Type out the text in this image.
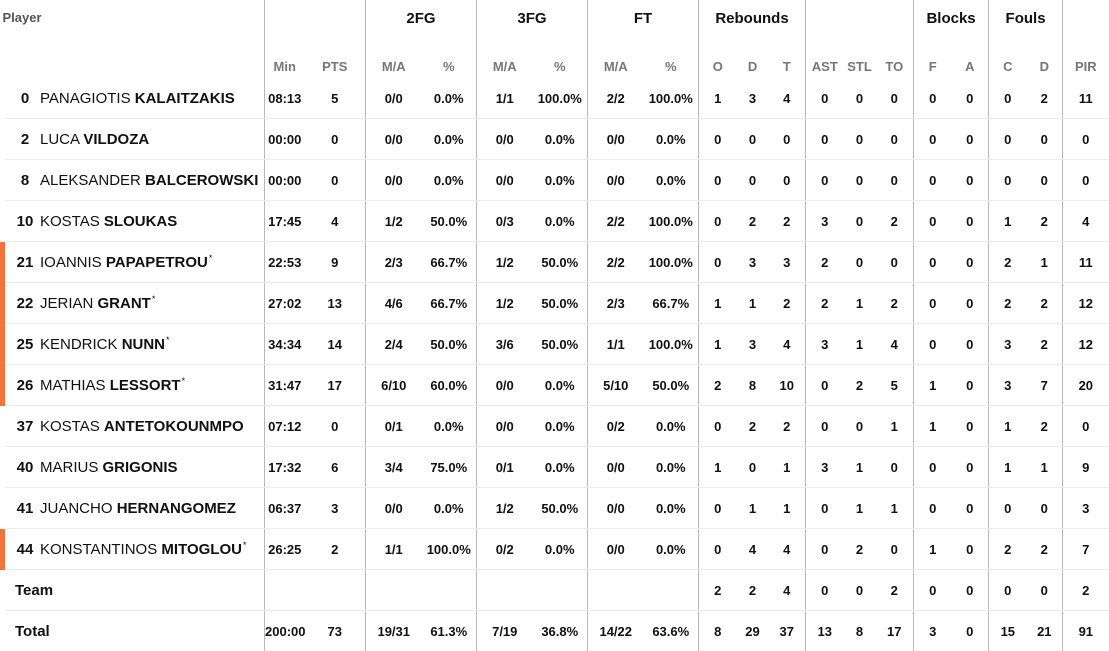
Player			2FG		3FG		FT		Rebounds						Blocks		Fouls		
	Min	PTS	M/A	%	M/A	%	M/A	%	O	D	T	AST	STL	TO	F	A	C	D	PIR
0 PANAGIOTIS KALAITZAKIS	08:13	5	0/0	0.0%	1/1	100.0%	2/2	100.0%	1	3	4	0	0	0	0	0	0	2	11
2 LUCA VILDOZA	00:00	0	0/0	0.0%	0/0	0.0%	0/0	0.0%	0	0	0	0	0	0	0	0	0	0	0
8 ALEKSANDER BALCEROWSKI	00:00	0	0/0	0.0%	0/0	0.0%	0/0	0.0%	0	0	0	0	0	0	0	0	0	0	0
10 KOSTAS SLOUKAS	17:45	4	1/2	50.0%	0/3	0.0%	2/2	100.0%	0	2	2	3	0	2	0	0	1	2	4
21 IOANNIS PAPAPETROU*	22:53	9	2/3	66.7%	1/2	50.0%	2/2	100.0%	0	3	3	2	0	0	0	0	2	1	11
22 JERIAN GRANT*	27:02	13	4/6	66.7%	1/2	50.0%	2/3	66.7%	1	1	2	2	1	2	0	0	2	2	12
25 KENDRICK NUNN*	34:34	14	2/4	50.0%	3/6	50.0%	1/1	100.0%	1	3	4	3	1	4	0	0	3	2	12
26 MATHIAS LESSORT*	31:47	17	6/10	60.0%	0/0	0.0%	5/10	50.0%	2	8	10	0	2	5	1	0	3	7	20
37 KOSTAS ANTETOKOUNMPO	07:12	0	0/1	0.0%	0/0	0.0%	0/2	0.0%	0	2	2	0	0	1	1	0	1	2	0
40 MARIUS GRIGONIS	17:32	6	3/4	75.0%	0/1	0.0%	0/0	0.0%	1	0	1	3	1	0	0	0	1	1	9
41 JUANCHO HERNANGOMEZ	06:37	3	0/0	0.0%	1/2	50.0%	0/0	0.0%	0	1	1	0	1	1	0	0	0	0	3
44 KONSTANTINOS MITOGLOU*	26:25	2	1/1	100.0%	0/2	0.0%	0/0	0.0%	0	4	4	0	2	0	1	0	2	2	7
Team									2	2	4	0	0	2	0	0	0	0	2
Total	200:00	73	19/31	61.3%	7/19	36.8%	14/22	63.6%	8	29	37	13	8	17	3	0	15	21	91
